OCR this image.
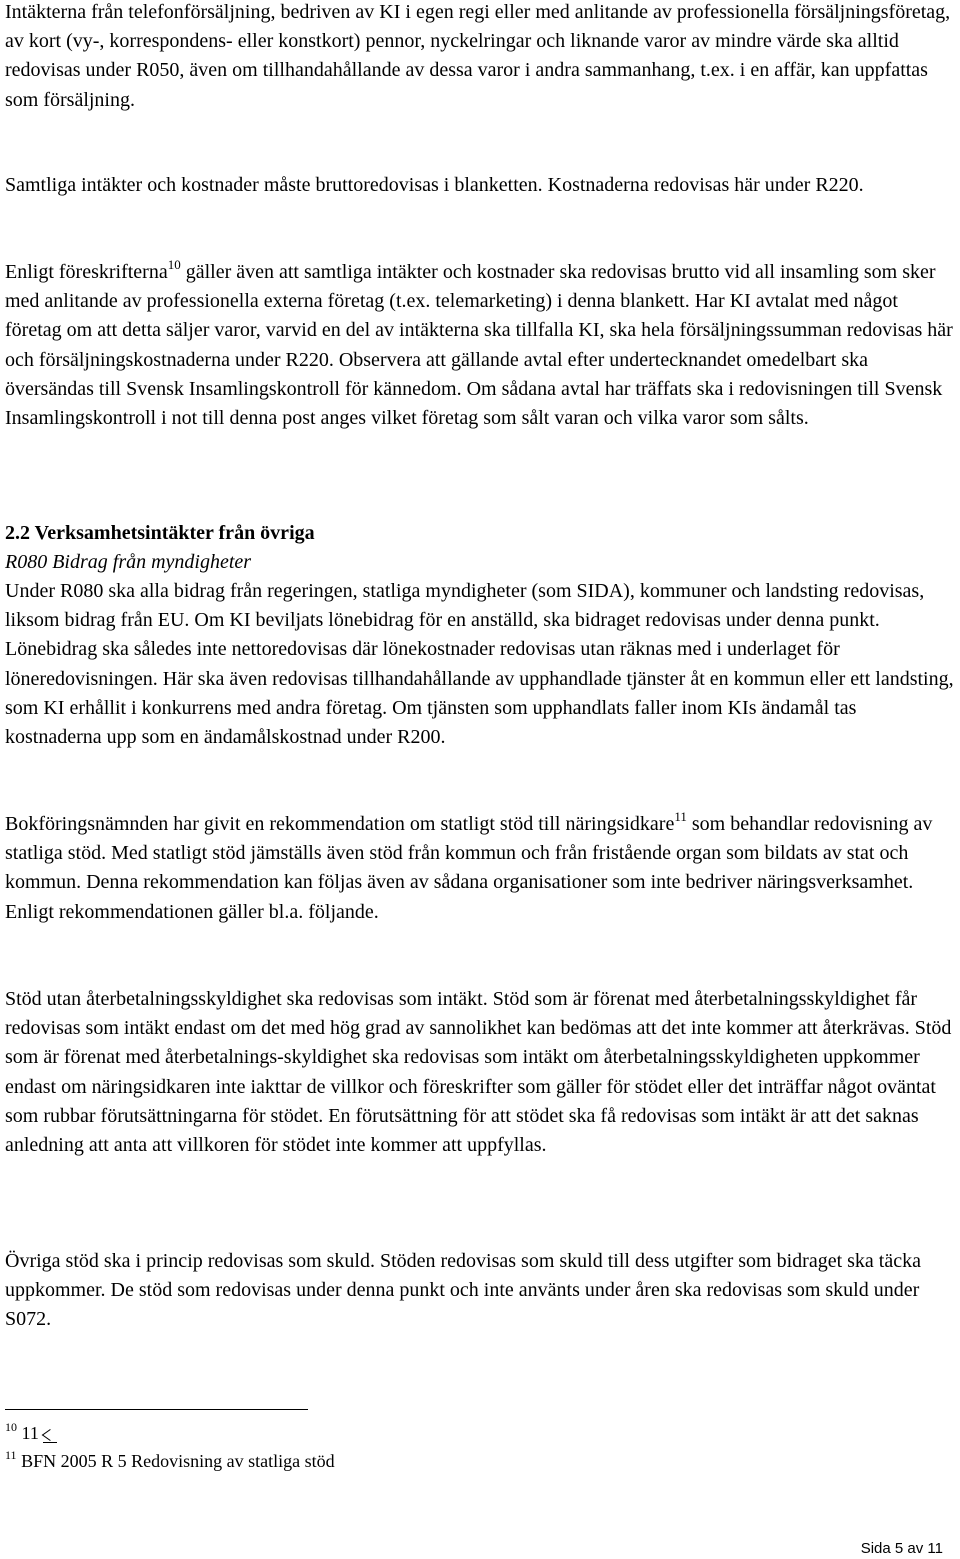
Intäkterna från telefonförsäljning, bedriven av KI i egen regi eller med anlitande av professionella försäljningsföretag, av kort (vy-, korrespondens- eller konstkort) pennor, nyckelringar och liknande varor av mindre värde ska alltid redovisas under R050, även om tillhandahållande av dessa varor i andra sammanhang, t.ex. i en affär, kan uppfattas som försäljning.

Samtliga intäkter och kostnader måste bruttoredovisas i blanketten. Kostnaderna redovisas här under R220.

Enligt föreskrifterna$^{10}$ gäller även att samtliga intäkter och kostnader ska redovisas brutto vid all insamling som sker med anlitande av professionella externa företag (t.ex. telemarketing) i denna blankett. Har KI avtalat med något företag om att detta säljer varor, varvid en del av intäkterna ska tillfalla KI, ska hela försäljningssumman redovisas här och försäljningskostnaderna under R220. Observera att gällande avtal efter undertecknandet omedelbart ska översändas till Svensk Insamlingskontroll för kännedom. Om sådana avtal har träffats ska i redovisningen till Svensk Insamlingskontroll i not till denna post anges vilket företag som sålt varan och vilka varor som sålts.

2.2 Verksamhetsintäkter från övriga
R080 Bidrag från myndigheter

Under R080 ska alla bidrag från regeringen, statliga myndigheter (som SIDA), kommuner och landsting redovisas, liksom bidrag från EU. Om KI beviljats lönebidrag för en anställd, ska bidraget redovisas under denna punkt. Lönebidrag ska således inte nettoredovisas där lönekostnader redovisas utan räknas med i underlaget för löneredovisningen. Här ska även redovisas tillhandahållande av upphandlade tjänster åt en kommun eller ett landsting, som KI erhållit i konkurrens med andra företag. Om tjänsten som upphandlats faller inom KIs ändamål tas kostnaderna upp som en ändamålskostnad under R200.

Bokföringsnämnden har givit en rekommendation om statligt stöd till näringsidkare$^{11}$ som behandlar redovisning av statliga stöd. Med statligt stöd jämställs även stöd från kommun och från fristående organ som bildats av stat och kommun. Denna rekommendation kan följas även av sådana organisationer som inte bedriver näringsverksamhet. Enligt rekommendationen gäller bl.a. följande.

Stöd utan återbetalningsskyldighet ska redovisas som intäkt. Stöd som är förenat med återbetalningsskyldighet får redovisas som intäkt endast om det med hög grad av sannolikhet kan bedömas att det inte kommer att återkrävas. Stöd som är förenat med återbetalnings-skyldighet ska redovisas som intäkt om återbetalningsskyldigheten uppkommer endast om näringsidkaren inte iakttar de villkor och föreskrifter som gäller för stödet eller det inträffar något oväntat som rubbar förutsättningarna för stödet. En förutsättning för att stödet ska få redovisas som intäkt är att det saknas anledning att anta att villkoren för stödet inte kommer att uppfyllas.

Övriga stöd ska i princip redovisas som skuld. Stöden redovisas som skuld till dess utgifter som bidraget ska täcka uppkommer. De stöd som redovisas under denna punkt och inte använts under åren ska redovisas som skuld under S072.

$^{10}$ 11
$^{11}$ BFN 2005 R 5 Redovisning av statliga stöd
Sida 5 av 11
